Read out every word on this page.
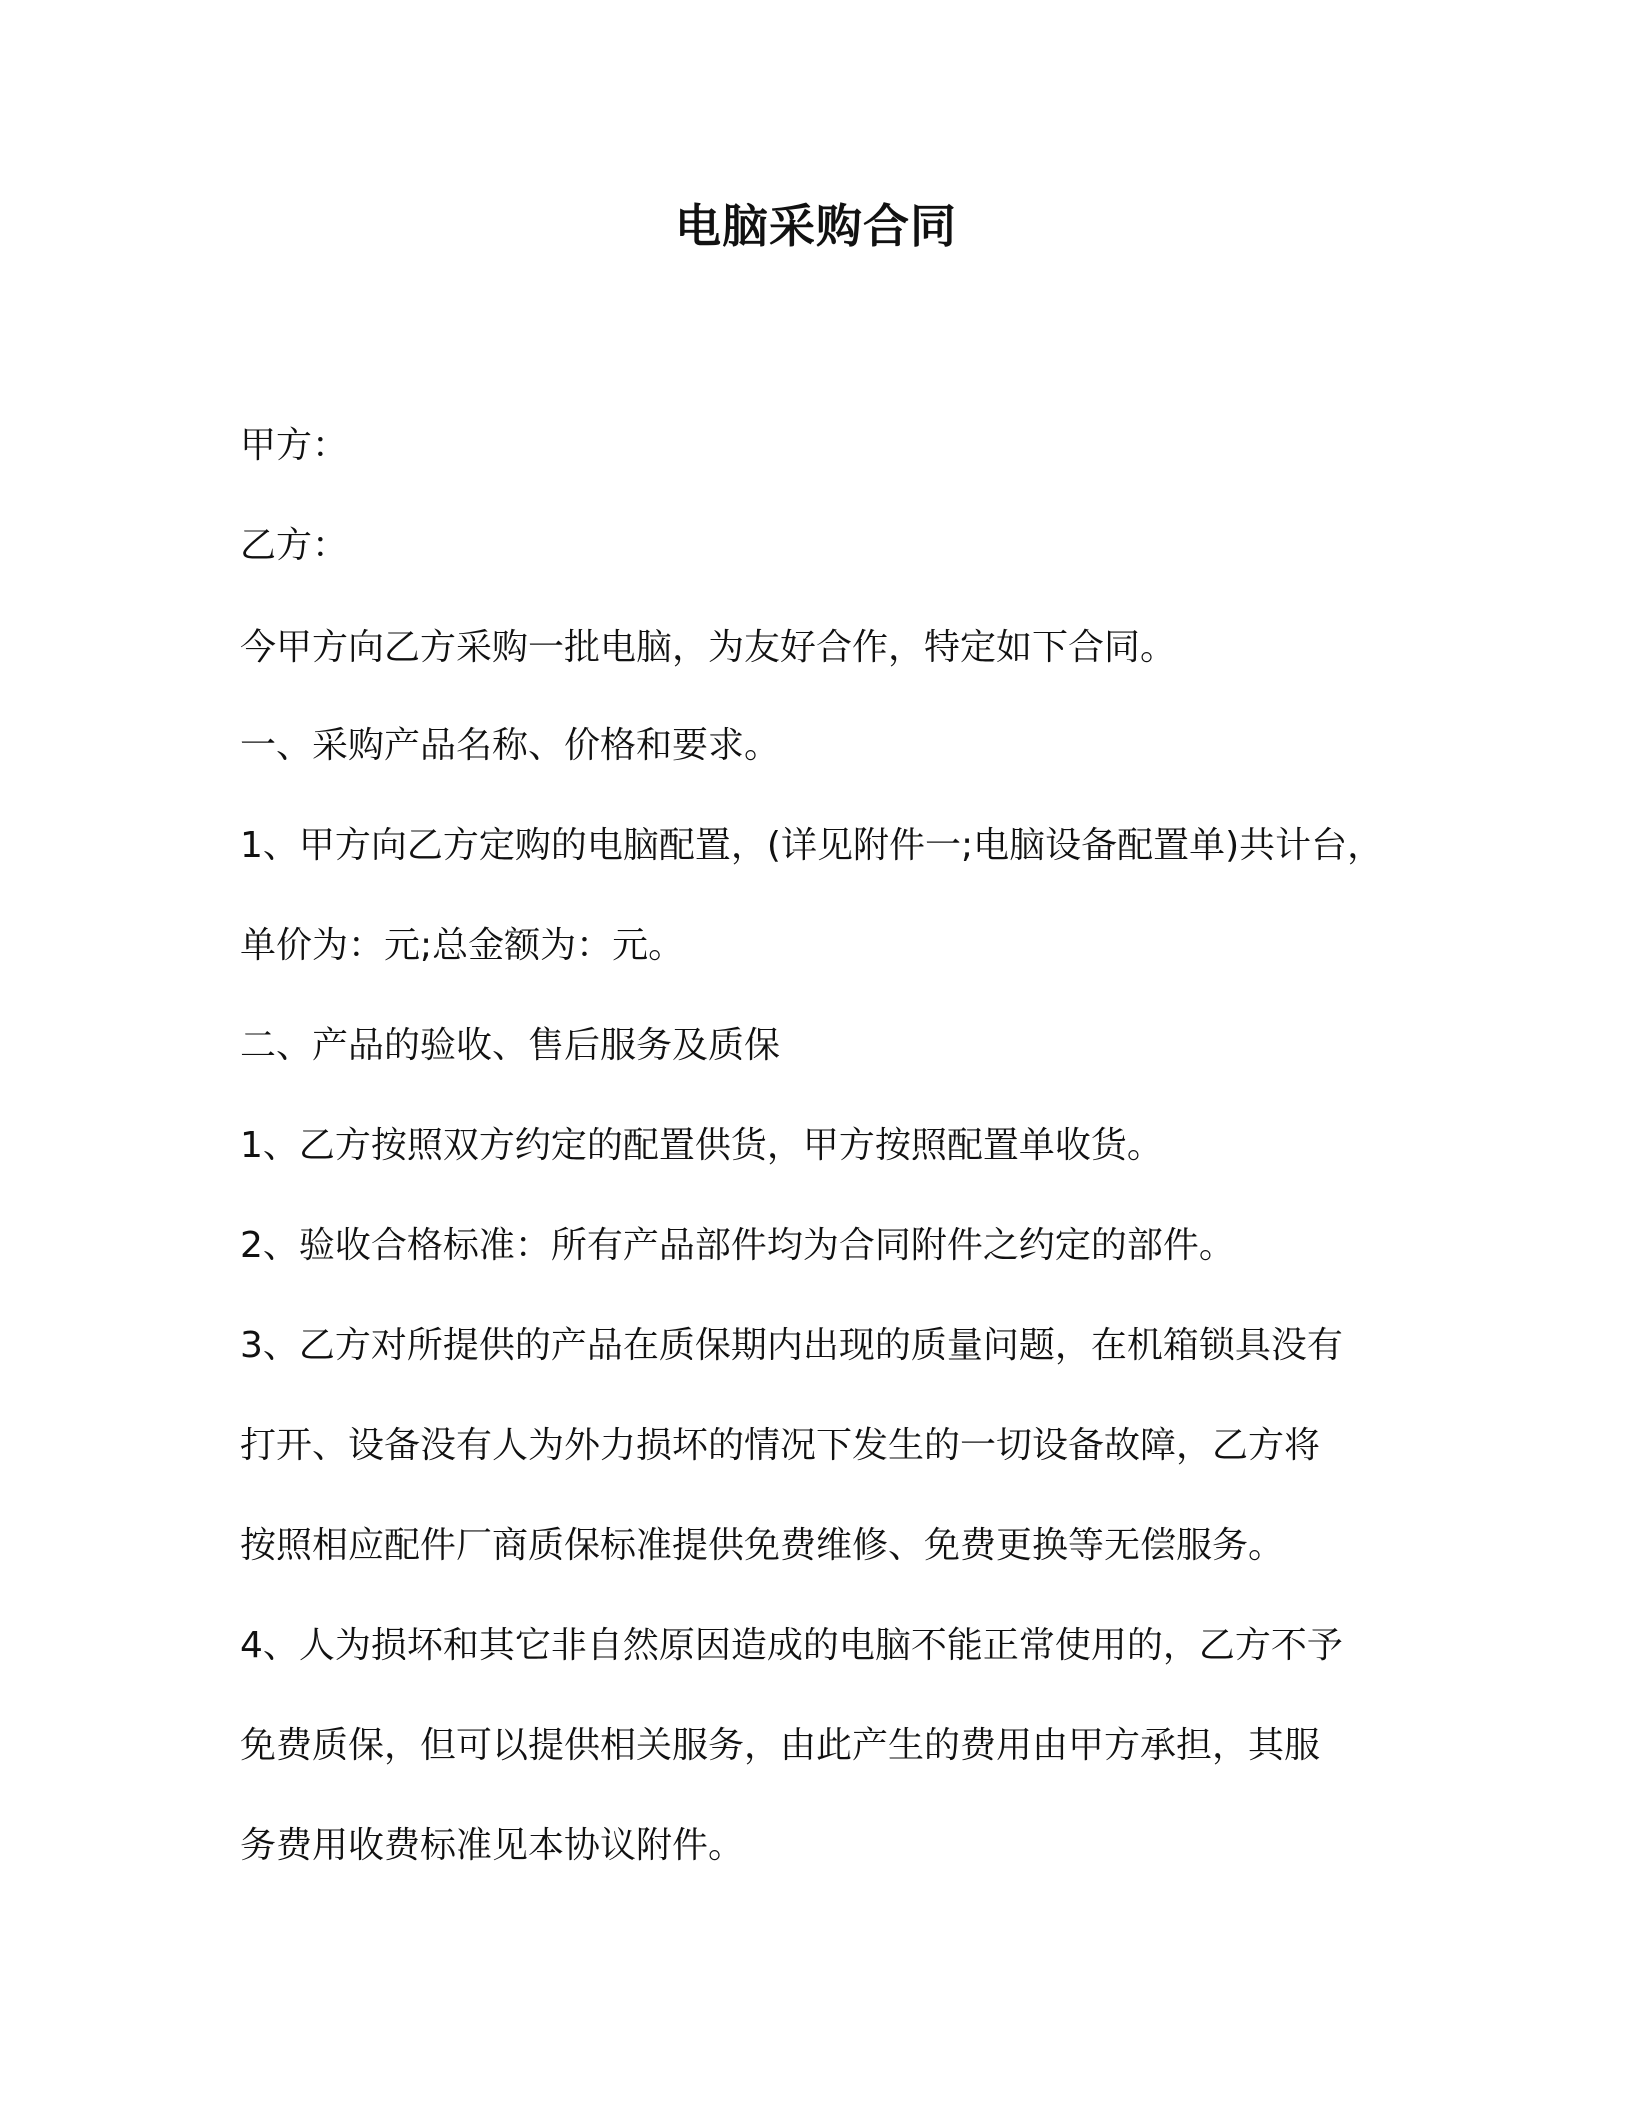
电脑采购合同
甲方：
乙方：
今甲方向乙方采购一批电脑，为友好合作，特定如下合同。
一、采购产品名称、价格和要求。
1、甲方向乙方定购的电脑配置，(详见附件一;电脑设备配置单)共计台，
单价为：元;总金额为：元。
二、产品的验收、售后服务及质保
1、乙方按照双方约定的配置供货，甲方按照配置单收货。
2、验收合格标准：所有产品部件均为合同附件之约定的部件。
3、乙方对所提供的产品在质保期内出现的质量问题，在机箱锁具没有
打开、设备没有人为外力损坏的情况下发生的一切设备故障，乙方将
按照相应配件厂商质保标准提供免费维修、免费更换等无偿服务。
4、人为损坏和其它非自然原因造成的电脑不能正常使用的，乙方不予
免费质保，但可以提供相关服务，由此产生的费用由甲方承担，其服
务费用收费标准见本协议附件。
